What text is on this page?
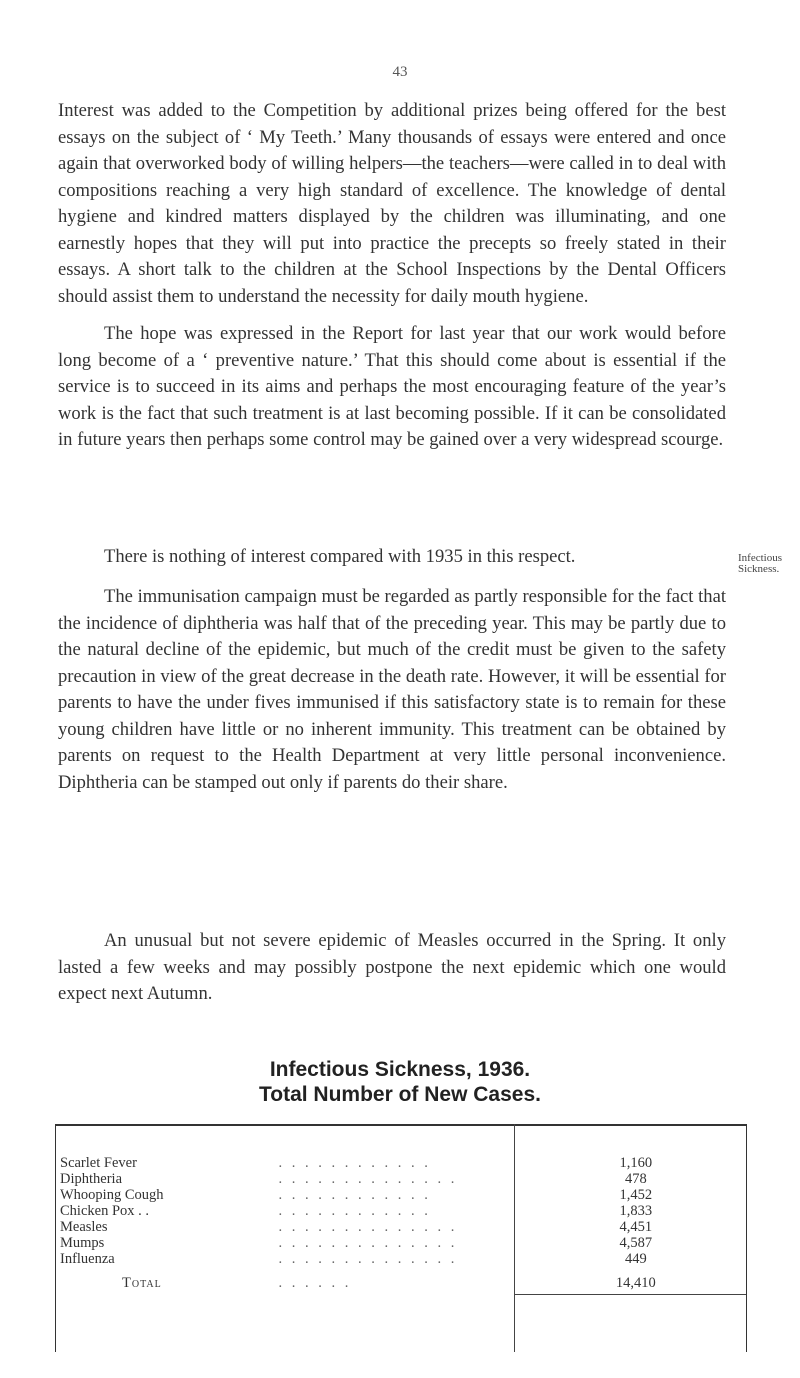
43

Interest was added to the Competition by additional prizes being offered for the best essays on the subject of ‘ My Teeth.’ Many thousands of essays were entered and once again that overworked body of willing helpers—the teachers—were called in to deal with compositions reaching a very high standard of excellence. The knowledge of dental hygiene and kindred matters displayed by the children was illuminating, and one earnestly hopes that they will put into practice the precepts so freely stated in their essays. A short talk to the children at the School Inspections by the Dental Officers should assist them to understand the necessity for daily mouth hygiene.

The hope was expressed in the Report for last year that our work would before long become of a ‘ preventive nature.’ That this should come about is essential if the service is to succeed in its aims and perhaps the most encouraging feature of the year’s work is the fact that such treatment is at last becoming possible. If it can be consolidated in future years then perhaps some control may be gained over a very widespread scourge.

There is nothing of interest compared with 1935 in this respect.

The immunisation campaign must be regarded as partly responsible for the fact that the incidence of diphtheria was half that of the preceding year. This may be partly due to the natural decline of the epidemic, but much of the credit must be given to the safety precaution in view of the great decrease in the death rate. However, it will be essential for parents to have the under fives immunised if this satisfactory state is to remain for these young children have little or no inherent immunity. This treatment can be obtained by parents on request to the Health Department at very little personal inconvenience. Diphtheria can be stamped out only if parents do their share.

An unusual but not severe epidemic of Measles occurred in the Spring. It only lasted a few weeks and may possibly postpone the next epidemic which one would expect next Autumn.

Infectious
Sickness.
Infectious Sickness, 1936.
Total Number of New Cases.
Scarlet Fever	. . . . . . . . . . . .	1,160
Diphtheria	. . . . . . . . . . . . . .	478
Whooping Cough	. . . . . . . . . . . .	1,452
Chicken Pox . .	. . . . . . . . . . . .	1,833
Measles	. . . . . . . . . . . . . .	4,451
Mumps	. . . . . . . . . . . . . .	4,587
Influenza	. . . . . . . . . . . . . .	449
Total	. . . . . .	14,410
